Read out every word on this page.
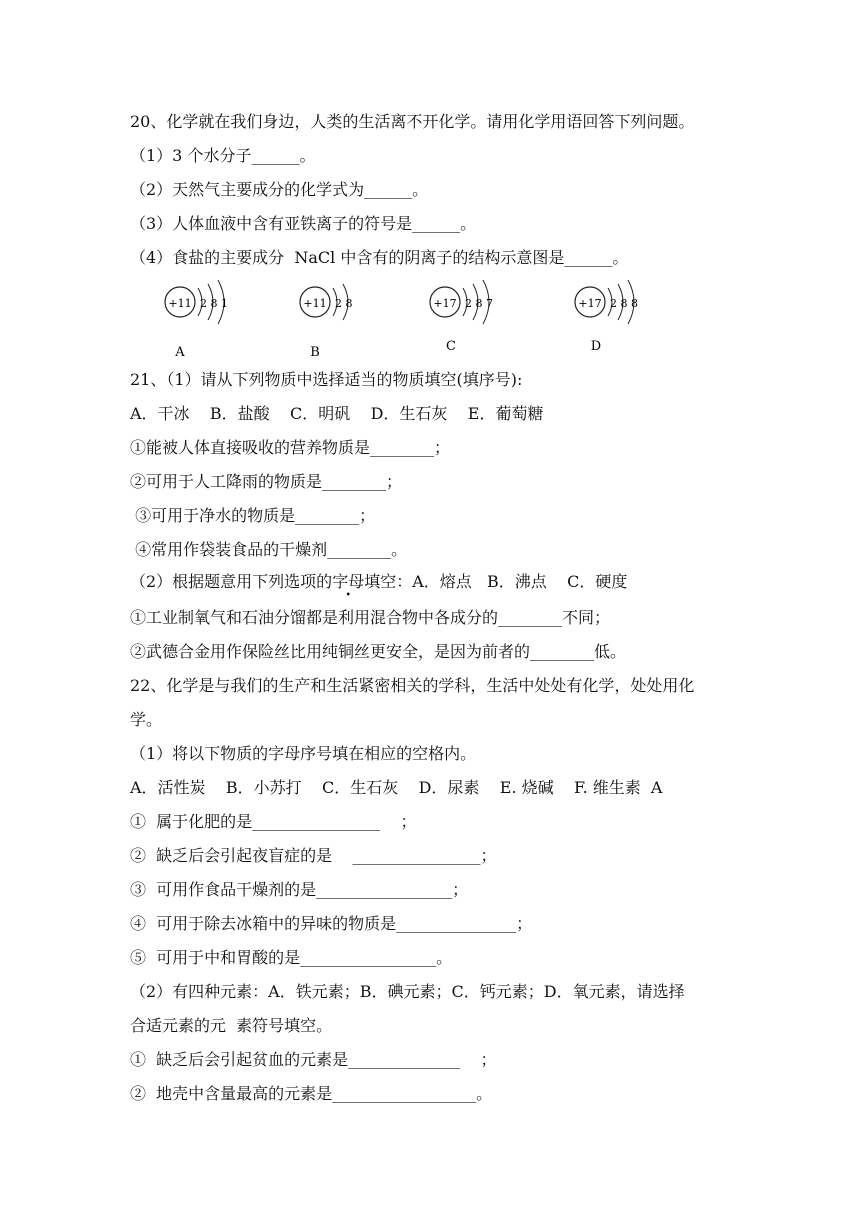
20、化学就在我们身边，人类的生活离不开化学。请用化学用语回答下列问题。
（1）3 个水分子______。
（2）天然气主要成分的化学式为______。
（3）人体血液中含有亚铁离子的符号是______。
（4）食盐的主要成分  NaCl 中含有的阴离子的结构示意图是______。
+11 2 8 1
A
+11 2 8
B
+17 2 8 7
C
+17 2 8 8
D
21、（1）请从下列物质中选择适当的物质填空(填序号):
A．干冰    B．盐酸    C．明矾    D．生石灰    E．葡萄糖
①能被人体直接吸收的营养物质是________；
②可用于人工降雨的物质是________；
③可用于净水的物质是________；
④常用作袋装食品的干燥剂________。
（2）根据题意用下列选项的字母填空：A．熔点   B．沸点    C．硬度
①工业制氧气和石油分馏都是利用混合物中各成分的________不同；
②武德合金用作保险丝比用纯铜丝更安全，是因为前者的________低。
22、化学是与我们的生产和生活紧密相关的学科，生活中处处有化学，处处用化
学。
（1）将以下物质的字母序号填在相应的空格内。
A．活性炭    B．小苏打    C．生石灰    D．尿素    E. 烧碱    F. 维生素  A
①  属于化肥的是________________    ；
②  缺乏后会引起夜盲症的是    ________________；
③  可用作食品干燥剂的是_________________；
④  可用于除去冰箱中的异味的物质是_______________；
⑤  可用于中和胃酸的是_________________。
（2）有四种元素：A．铁元素；B．碘元素；C．钙元素；D．氧元素，请选择
合适元素的元  素符号填空。
①  缺乏后会引起贫血的元素是______________    ；
②  地壳中含量最高的元素是__________________。
